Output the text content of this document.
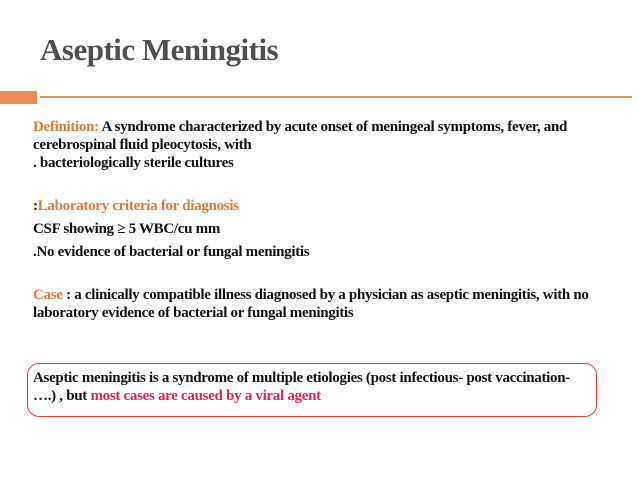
Aseptic Meningitis

Definition: A syndrome characterized by acute onset of meningeal symptoms, fever, and cerebrospinal fluid pleocytosis, with
. bacteriologically sterile cultures

:Laboratory criteria for diagnosis

CSF showing ≥ 5 WBC/cu mm

.No evidence of bacterial or fungal meningitis

Case : a clinically compatible illness diagnosed by a physician as aseptic meningitis, with no laboratory evidence of bacterial or fungal meningitis

Aseptic meningitis is a syndrome of multiple etiologies (post infectious- post vaccination- ….) , but most cases are caused by a viral agent
